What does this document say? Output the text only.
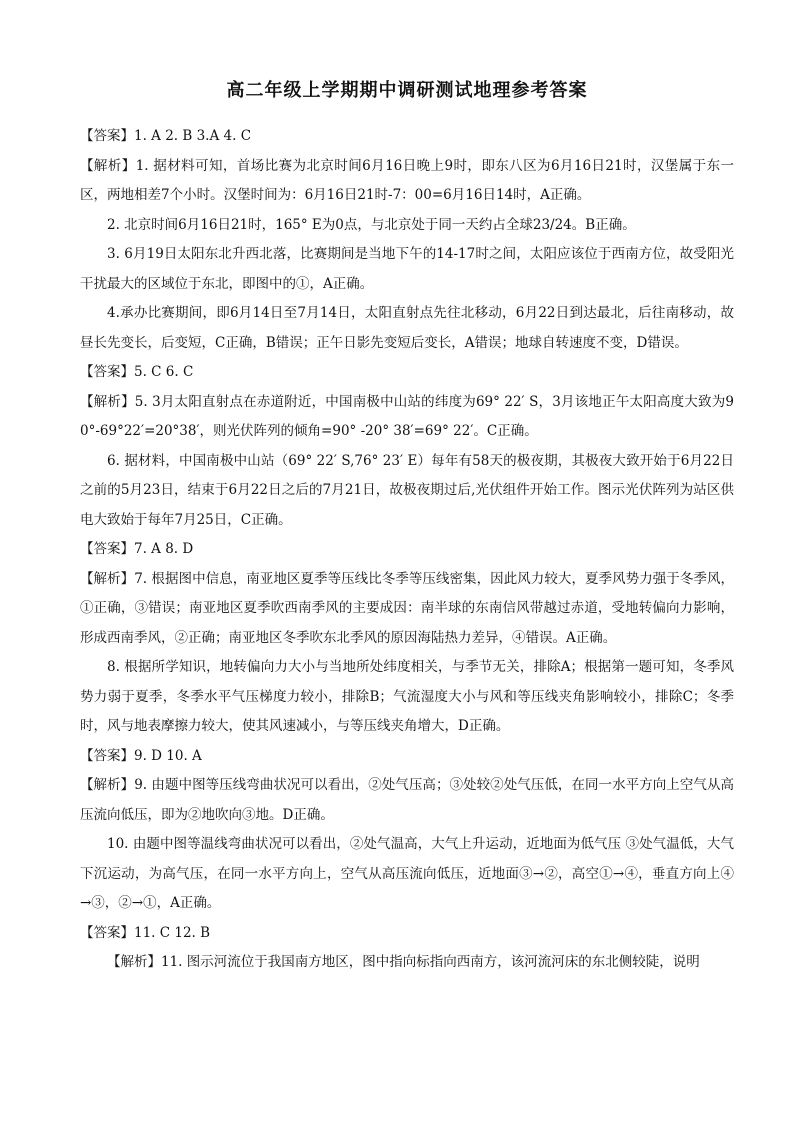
高二年级上学期期中调研测试地理参考答案

【答案】1. A 2. B 3.A 4. C

【解析】1. 据材料可知，首场比赛为北京时间6月16日晚上9时，即东八区为6月16日21时，汉堡属于东一区，两地相差7个小时。汉堡时间为：6月16日21时-7：00=6月16日14时，A正确。

2. 北京时间6月16日21时，165° E为0点，与北京处于同一天约占全球23/24。B正确。

3. 6月19日太阳东北升西北落，比赛期间是当地下午的14-17时之间，太阳应该位于西南方位，故受阳光干扰最大的区域位于东北，即图中的①，A正确。

4.承办比赛期间，即6月14日至7月14日，太阳直射点先往北移动，6月22日到达最北，后往南移动，故昼长先变长，后变短，C正确，B错误；正午日影先变短后变长，A错误；地球自转速度不变，D错误。

【答案】5. C 6. C

【解析】5. 3月太阳直射点在赤道附近，中国南极中山站的纬度为69° 22′ S，3月该地正午太阳高度大致为90°-69°22′=20°38′，则光伏阵列的倾角=90° -20° 38′=69° 22′。C正确。

6. 据材料，中国南极中山站（69° 22′ S,76° 23′ E）每年有58天的极夜期，其极夜大致开始于6月22日之前的5月23日，结束于6月22日之后的7月21日，故极夜期过后,光伏组件开始工作。图示光伏阵列为站区供电大致始于每年7月25日，C正确。

【答案】7. A 8. D

【解析】7. 根据图中信息，南亚地区夏季等压线比冬季等压线密集，因此风力较大，夏季风势力强于冬季风，①正确，③错误；南亚地区夏季吹西南季风的主要成因：南半球的东南信风带越过赤道，受地转偏向力影响，形成西南季风，②正确；南亚地区冬季吹东北季风的原因海陆热力差异，④错误。A正确。

8. 根据所学知识，地转偏向力大小与当地所处纬度相关，与季节无关，排除A；根据第一题可知，冬季风势力弱于夏季，冬季水平气压梯度力较小，排除B；气流湿度大小与风和等压线夹角影响较小，排除C；冬季时，风与地表摩擦力较大，使其风速减小，与等压线夹角增大，D正确。

【答案】9. D 10. A

【解析】9. 由题中图等压线弯曲状况可以看出，②处气压高；③处较②处气压低，在同一水平方向上空气从高压流向低压，即为②地吹向③地。D正确。

10. 由题中图等温线弯曲状况可以看出，②处气温高，大气上升运动，近地面为低气压 ③处气温低，大气下沉运动，为高气压，在同一水平方向上，空气从高压流向低压，近地面③→②，高空①→④，垂直方向上④→③，②→①，A正确。

【答案】11. C 12. B

【解析】11. 图示河流位于我国南方地区，图中指向标指向西南方，该河流河床的东北侧较陡，说明
